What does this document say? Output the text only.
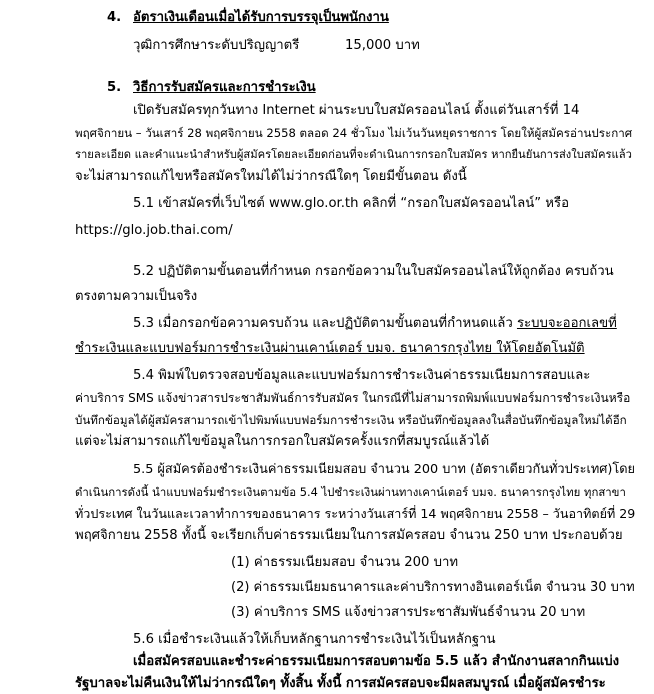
4. อัตราเงินเดือนเมื่อได้รับการบรรจุเป็นพนักงาน
วุฒิการศึกษาระดับปริญญาตรี	15,000 บาท
5. วิธีการรับสมัครและการชำระเงิน
เปิดรับสมัครทุกวันทาง Internet ผ่านระบบใบสมัครออนไลน์ ตั้งแต่วันเสาร์ที่ 14
พฤศจิกายน – วันเสาร์ 28 พฤศจิกายน 2558 ตลอด 24 ชั่วโมง ไม่เว้นวันหยุดราชการ โดยให้ผู้สมัครอ่านประกาศ
รายละเอียด และคำแนะนำสำหรับผู้สมัครโดยละเอียดก่อนที่จะดำเนินการกรอกใบสมัคร หากยืนยันการส่งใบสมัครแล้ว
จะไม่สามารถแก้ไขหรือสมัครใหม่ได้ไม่ว่ากรณีใดๆ โดยมีขั้นตอน ดังนี้
5.1 เข้าสมัครที่เว็บไซต์ www.glo.or.th คลิกที่ “กรอกใบสมัครออนไลน์” หรือ
https://glo.job.thai.com/
5.2 ปฏิบัติตามขั้นตอนที่กำหนด กรอกข้อความในใบสมัครออนไลน์ให้ถูกต้อง ครบถ้วน
ตรงตามความเป็นจริง
5.3 เมื่อกรอกข้อความครบถ้วน และปฏิบัติตามขั้นตอนที่กำหนดแล้ว ระบบจะออกเลขที่
ชำระเงินและแบบฟอร์มการชำระเงินผ่านเคาน์เตอร์ บมจ. ธนาคารกรุงไทย ให้โดยอัตโนมัติ
5.4 พิมพ์ใบตรวจสอบข้อมูลและแบบฟอร์มการชำระเงินค่าธรรมเนียมการสอบและ
ค่าบริการ SMS แจ้งข่าวสารประชาสัมพันธ์การรับสมัคร ในกรณีที่ไม่สามารถพิมพ์แบบฟอร์มการชำระเงินหรือ
บันทึกข้อมูลได้ผู้สมัครสามารถเข้าไปพิมพ์แบบฟอร์มการชำระเงิน หรือบันทึกข้อมูลลงในสื่อบันทึกข้อมูลใหม่ได้อีก
แต่จะไม่สามารถแก้ไขข้อมูลในการกรอกใบสมัครครั้งแรกที่สมบูรณ์แล้วได้
5.5 ผู้สมัครต้องชำระเงินค่าธรรมเนียมสอบ จำนวน 200 บาท (อัตราเดียวกันทั่วประเทศ)โดย
ดำเนินการดังนี้ นำแบบฟอร์มชำระเงินตามข้อ 5.4 ไปชำระเงินผ่านทางเคาน์เตอร์ บมจ. ธนาคารกรุงไทย ทุกสาขา
ทั่วประเทศ ในวันและเวลาทำการของธนาคาร ระหว่างวันเสาร์ที่ 14 พฤศจิกายน 2558 – วันอาทิตย์ที่ 29
พฤศจิกายน 2558 ทั้งนี้ จะเรียกเก็บค่าธรรมเนียมในการสมัครสอบ จำนวน 250 บาท ประกอบด้วย
(1) ค่าธรรมเนียมสอบ จำนวน 200 บาท
(2) ค่าธรรมเนียมธนาคารและค่าบริการทางอินเตอร์เน็ต จำนวน 30 บาท
(3) ค่าบริการ SMS แจ้งข่าวสารประชาสัมพันธ์จำนวน 20 บาท
5.6 เมื่อชำระเงินแล้วให้เก็บหลักฐานการชำระเงินไว้เป็นหลักฐาน
เมื่อสมัครสอบและชำระค่าธรรมเนียมการสอบตามข้อ 5.5 แล้ว สำนักงานสลากกินแบ่ง
รัฐบาลจะไม่คืนเงินให้ไม่ว่ากรณีใดๆ ทั้งสิ้น ทั้งนี้ การสมัครสอบจะมีผลสมบูรณ์ เมื่อผู้สมัครชำระ
